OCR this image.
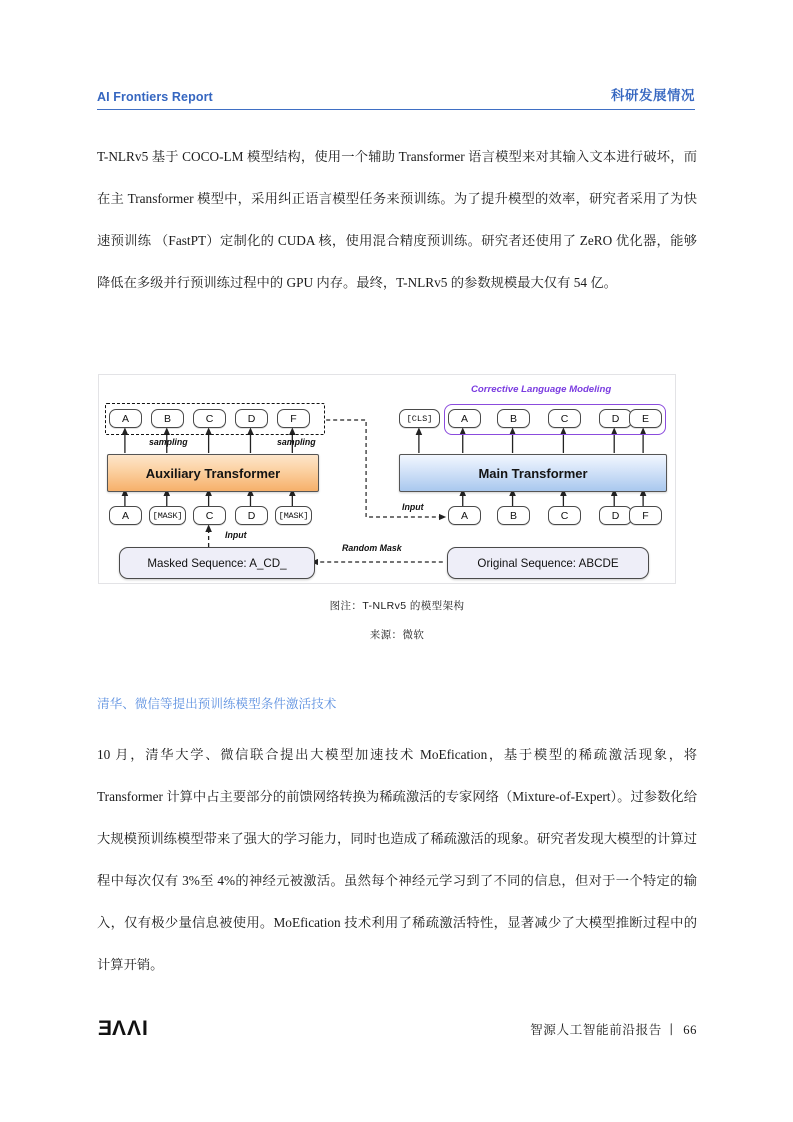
AI Frontiers Report	科研发展情况

T-NLRv5 基于 COCO-LM 模型结构，使用一个辅助 Transformer 语言模型来对其输入文本进行破坏，而在主 Transformer 模型中，采用纠正语言模型任务来预训练。为了提升模型的效率，研究者采用了为快速预训练 （FastPT）定制化的 CUDA 核，使用混合精度预训练。研究者还使用了 ZeRO 优化器，能够降低在多级并行预训练过程中的 GPU 内存。最终，T-NLRv5 的参数规模最大仅有 54 亿。

A	B	C	D	F
sampling	sampling
Auxiliary Transformer
A	[MASK]	C	D	[MASK]
Input
Masked Sequence: A_CD_
Corrective Language Modeling
[CLS]	A	B	C	D	E
Main Transformer
Input
A	B	C	D	F
Random Mask
Original Sequence: ABCDE
图注：T-NLRv5 的模型架构
来源：微软
清华、微信等提出预训练模型条件激活技术

10 月，清华大学、微信联合提出大模型加速技术 MoEfication，基于模型的稀疏激活现象，将 Transformer 计算中占主要部分的前馈网络转换为稀疏激活的专家网络（Mixture-of-Expert）。过参数化给大规模预训练模型带来了强大的学习能力，同时也造成了稀疏激活的现象。研究者发现大模型的计算过程中每次仅有 3%至 4%的神经元被激活。虽然每个神经元学习到了不同的信息，但对于一个特定的输入，仅有极少量信息被使用。MoEfication 技术利用了稀疏激活特性，显著减少了大模型推断过程中的计算开销。

EΛΛI	智源人工智能前沿报告 丨 66
